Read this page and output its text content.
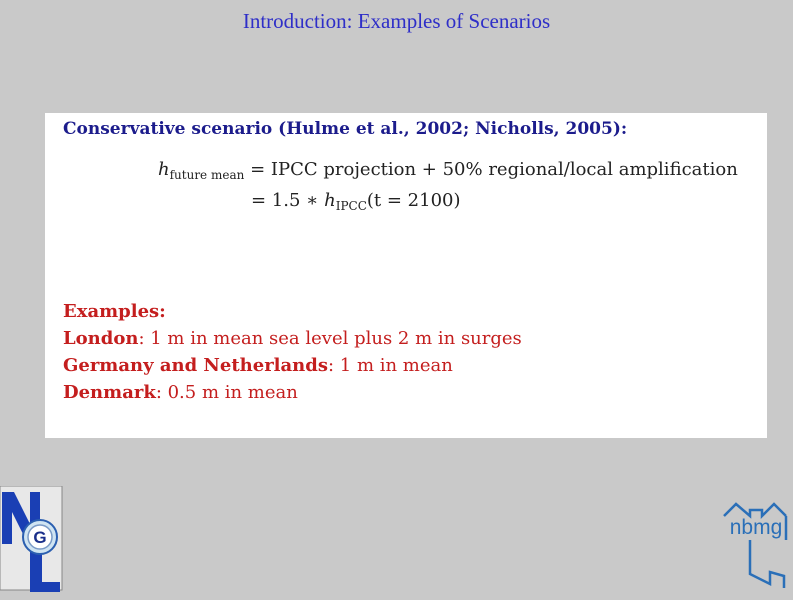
Introduction: Examples of Scenarios
Conservative scenario (Hulme et al., 2002; Nicholls, 2005):
$h_{future mean}$ = IPCC projection + 50% regional/local amplification
= 1.5 ∗ $h_{IPCC}(t = 2100)$
Examples:
London: 1 m in mean sea level plus 2 m in surges
Germany and Netherlands: 1 m in mean
Denmark: 0.5 m in mean
G	nbmg
